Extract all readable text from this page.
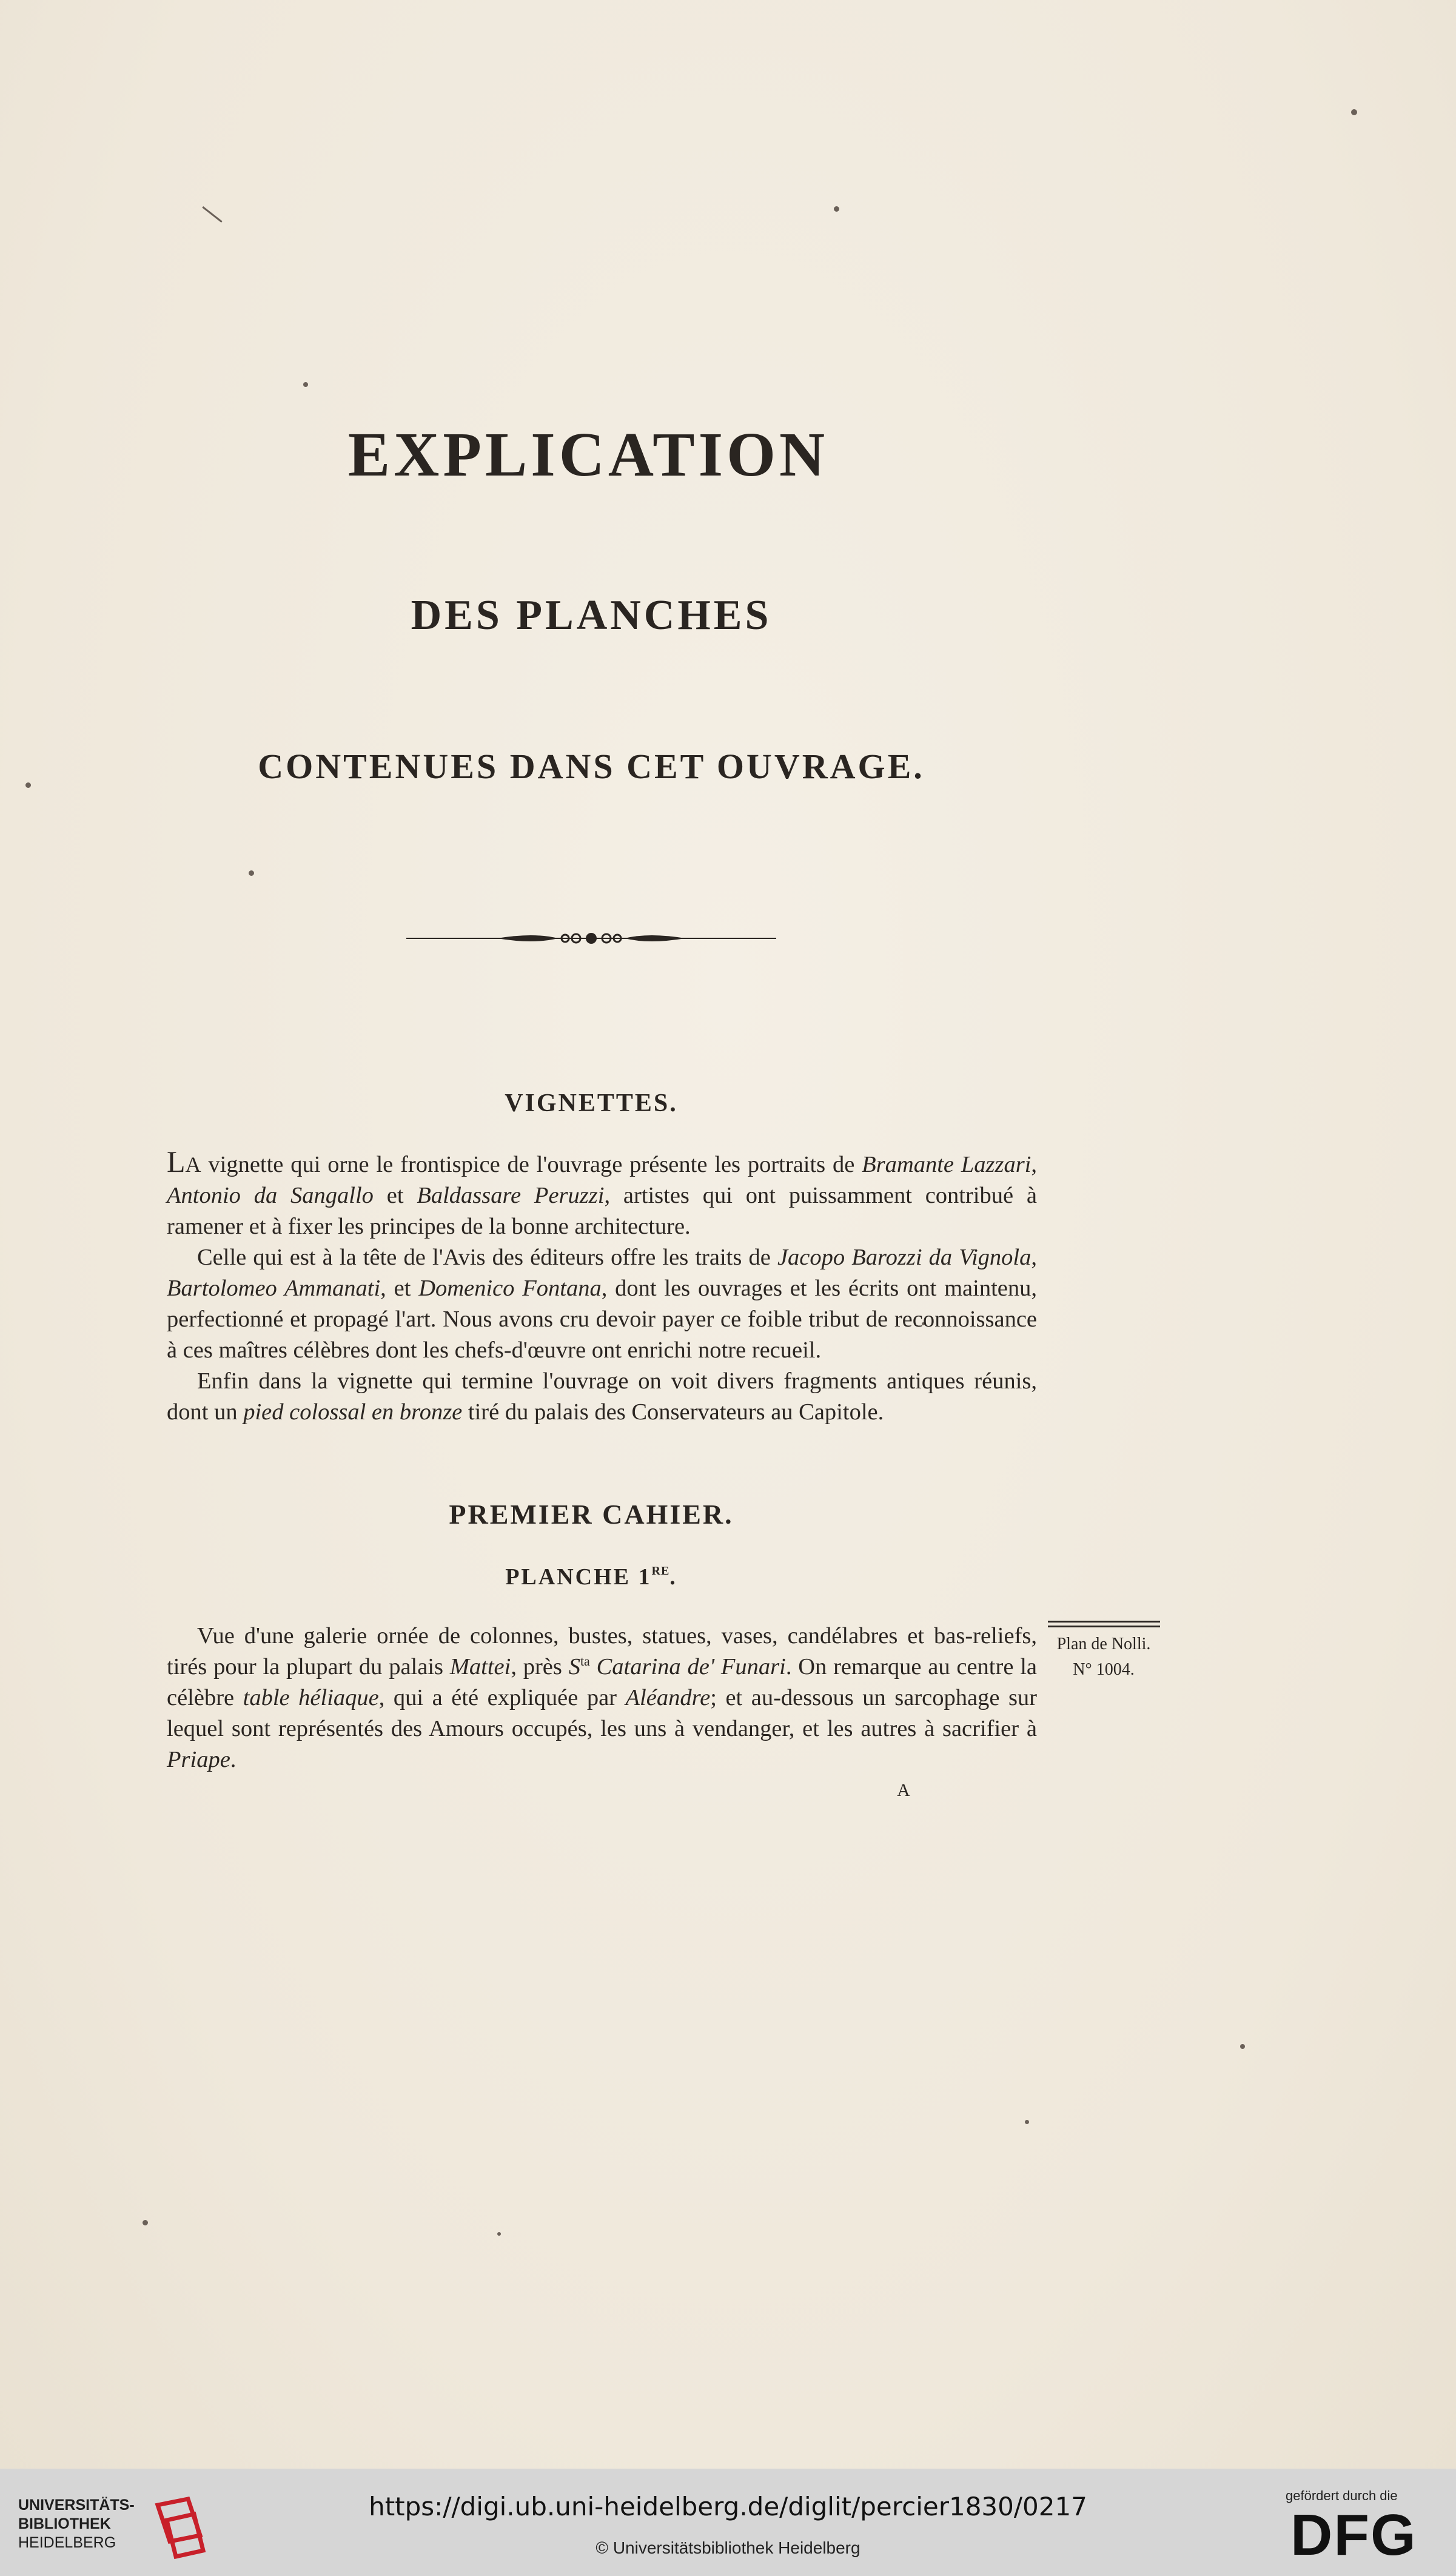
EXPLICATION
DES PLANCHES
CONTENUES DANS CET OUVRAGE.
VIGNETTES.

LA vignette qui orne le frontispice de l'ouvrage présente les portraits de Bramante Lazzari, Antonio da Sangallo et Baldassare Peruzzi, artistes qui ont puissamment contribué à ramener et à fixer les principes de la bonne architecture.

Celle qui est à la tête de l'Avis des éditeurs offre les traits de Jacopo Barozzi da Vignola, Bartolomeo Ammanati, et Domenico Fontana, dont les ouvrages et les écrits ont maintenu, perfectionné et propagé l'art. Nous avons cru devoir payer ce foible tribut de reconnoissance à ces maîtres célèbres dont les chefs-d'œuvre ont enrichi notre recueil.

Enfin dans la vignette qui termine l'ouvrage on voit divers fragments antiques réunis, dont un pied colossal en bronze tiré du palais des Conservateurs au Capitole.

PREMIER CAHIER.
PLANCHE 1RE.

Vue d'une galerie ornée de colonnes, bustes, statues, vases, candélabres et bas-reliefs, tirés pour la plupart du palais Mattei, près $S^{ta}$ Catarina de' Funari. On remarque au centre la célèbre table héliaque, qui a été expliquée par Aléandre; et au-dessous un sarcophage sur lequel sont représentés des Amours occupés, les uns à vendanger, et les autres à sacrifier à Priape.

Plan de Nolli.
N° 1004.
A
UNIVERSITÄTS-
BIBLIOTHEK
HEIDELBERG
https://digi.ub.uni-heidelberg.de/diglit/percier1830/0217
© Universitätsbibliothek Heidelberg
gefördert durch die
DFG
